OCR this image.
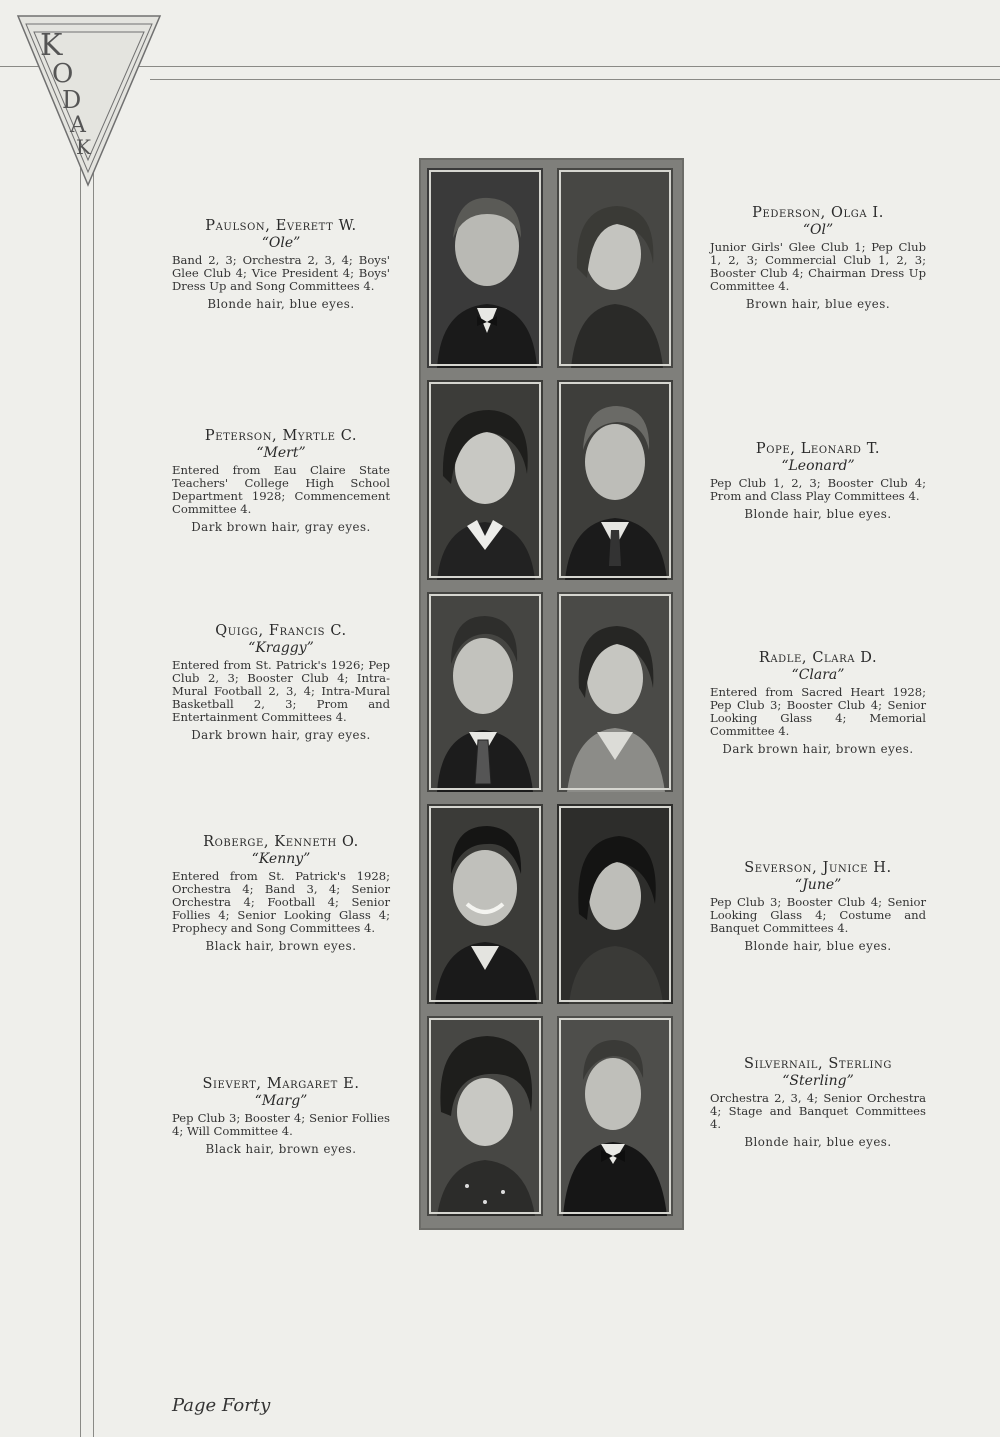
K
O
D
A
K
Paulson, Everett W.
“ Ole ”
Band 2, 3; Orchestra 2, 3, 4; Boys' Glee Club 4; Vice President 4; Boys' Dress Up and Song Committees 4.
Blonde hair, blue eyes.
Peterson, Myrtle C.
“ Mert ”
Entered from Eau Claire State Teachers' College High School Department 1928; Commencement Committee 4.
Dark brown hair, gray eyes.
Quigg, Francis C.
“ Kraggy ”
Entered from St. Patrick's 1926; Pep Club 2, 3; Booster Club 4; Intra-Mural Football 2, 3, 4; Intra-Mural Basketball 2, 3; Prom and Entertainment Committees 4.
Dark brown hair, gray eyes.
Roberge, Kenneth O.
“ Kenny ”
Entered from St. Patrick's 1928; Orchestra 4; Band 3, 4; Senior Orchestra 4; Football 4; Senior Follies 4; Senior Looking Glass 4; Prophecy and Song Committees 4.
Black hair, brown eyes.
Sievert, Margaret E.
“ Marg ”
Pep Club 3; Booster 4; Senior Follies 4; Will Committee 4.
Black hair, brown eyes.
Pederson, Olga I.
“ Ol ”
Junior Girls' Glee Club 1; Pep Club 1, 2, 3; Commercial Club 1, 2, 3; Booster Club 4; Chairman Dress Up Committee 4.
Brown hair, blue eyes.
Pope, Leonard T.
“ Leonard ”
Pep Club 1, 2, 3; Booster Club 4; Prom and Class Play Committees 4.
Blonde hair, blue eyes.
Radle, Clara D.
“ Clara ”
Entered from Sacred Heart 1928; Pep Club 3; Booster Club 4; Senior Looking Glass 4; Memorial Committee 4.
Dark brown hair, brown eyes.
Severson, Junice H.
“ June ”
Pep Club 3; Booster Club 4; Senior Looking Glass 4; Costume and Banquet Committees 4.
Blonde hair, blue eyes.
Silvernail, Sterling
“ Sterling ”
Orchestra 2, 3, 4; Senior Orchestra 4; Stage and Banquet Committees 4.
Blonde hair, blue eyes.
Page Forty
